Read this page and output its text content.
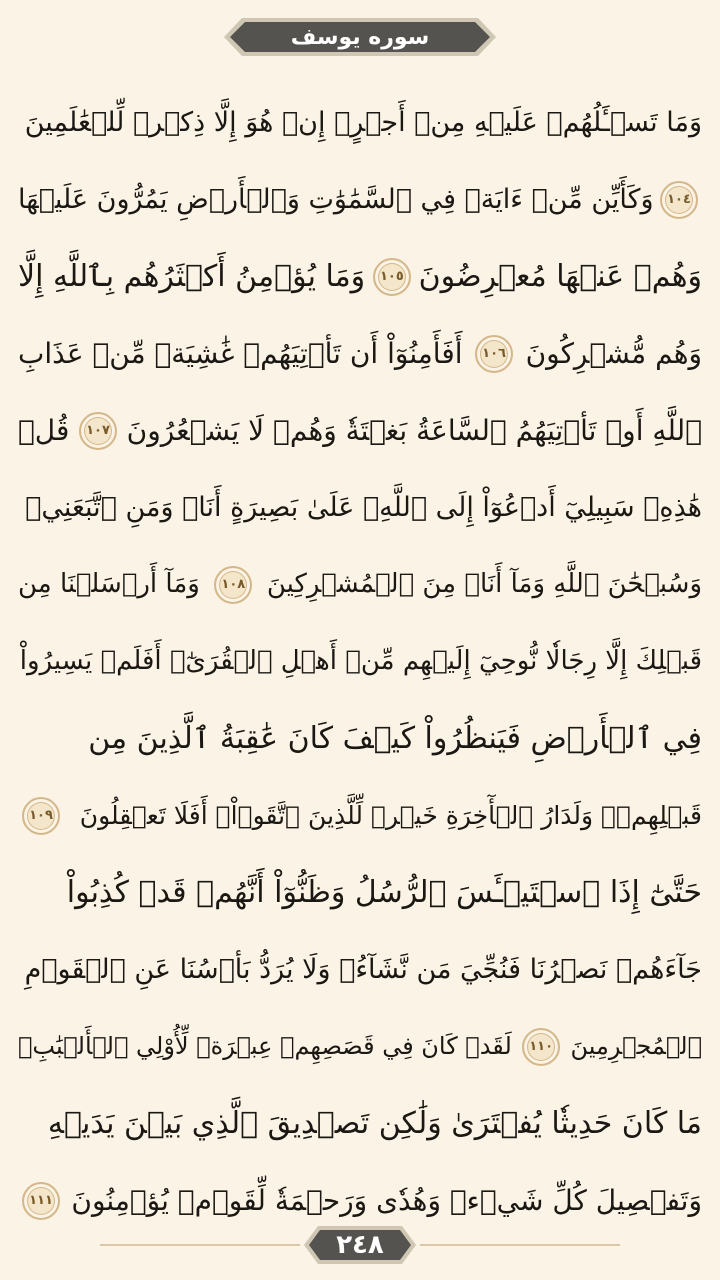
سوره يوسف
وَمَا تَسۡـَٔلُهُمۡ عَلَيۡهِ مِنۡ أَجۡرٍۚ إِنۡ هُوَ إِلَّا ذِكۡرٞ لِّلۡعَٰلَمِينَ
١٠٤
وَكَأَيِّن مِّنۡ ءَايَةٖ فِي ٱلسَّمَٰوَٰتِ وَٱلۡأَرۡضِ يَمُرُّونَ عَلَيۡهَا
وَهُمۡ عَنۡهَا مُعۡرِضُونَ
١٠٥
وَمَا يُؤۡمِنُ أَكۡثَرُهُم بِٱللَّهِ إِلَّا
وَهُم مُّشۡرِكُونَ
١٠٦
أَفَأَمِنُوٓاْ أَن تَأۡتِيَهُمۡ غَٰشِيَةٞ مِّنۡ عَذَابِ
ٱللَّهِ أَوۡ تَأۡتِيَهُمُ ٱلسَّاعَةُ بَغۡتَةٗ وَهُمۡ لَا يَشۡعُرُونَ
١٠٧
قُلۡ
هَٰذِهِۦ سَبِيلِيٓ أَدۡعُوٓاْ إِلَى ٱللَّهِۚ عَلَىٰ بَصِيرَةٍ أَنَا۠ وَمَنِ ٱتَّبَعَنِيۖ
وَسُبۡحَٰنَ ٱللَّهِ وَمَآ أَنَا۠ مِنَ ٱلۡمُشۡرِكِينَ
١٠٨
وَمَآ أَرۡسَلۡنَا مِن
قَبۡلِكَ إِلَّا رِجَالٗا نُّوحِيٓ إِلَيۡهِم مِّنۡ أَهۡلِ ٱلۡقُرَىٰٓۗ أَفَلَمۡ يَسِيرُواْ
فِي ٱلۡأَرۡضِ فَيَنظُرُواْ كَيۡفَ كَانَ عَٰقِبَةُ ٱلَّذِينَ مِن
قَبۡلِهِمۡۗ وَلَدَارُ ٱلۡأٓخِرَةِ خَيۡرٞ لِّلَّذِينَ ٱتَّقَوۡاْۚ أَفَلَا تَعۡقِلُونَ
١٠٩
حَتَّىٰٓ إِذَا ٱسۡتَيۡـَٔسَ ٱلرُّسُلُ وَظَنُّوٓاْ أَنَّهُمۡ قَدۡ كُذِبُواْ
جَآءَهُمۡ نَصۡرُنَا فَنُجِّيَ مَن نَّشَآءُۖ وَلَا يُرَدُّ بَأۡسُنَا عَنِ ٱلۡقَوۡمِ
ٱلۡمُجۡرِمِينَ
١١٠
لَقَدۡ كَانَ فِي قَصَصِهِمۡ عِبۡرَةٞ لِّأُوْلِي ٱلۡأَلۡبَٰبِۗ
مَا كَانَ حَدِيثٗا يُفۡتَرَىٰ وَلَٰكِن تَصۡدِيقَ ٱلَّذِي بَيۡنَ يَدَيۡهِ
وَتَفۡصِيلَ كُلِّ شَيۡءٖ وَهُدٗى وَرَحۡمَةٗ لِّقَوۡمٖ يُؤۡمِنُونَ
١١١
٢٤٨
